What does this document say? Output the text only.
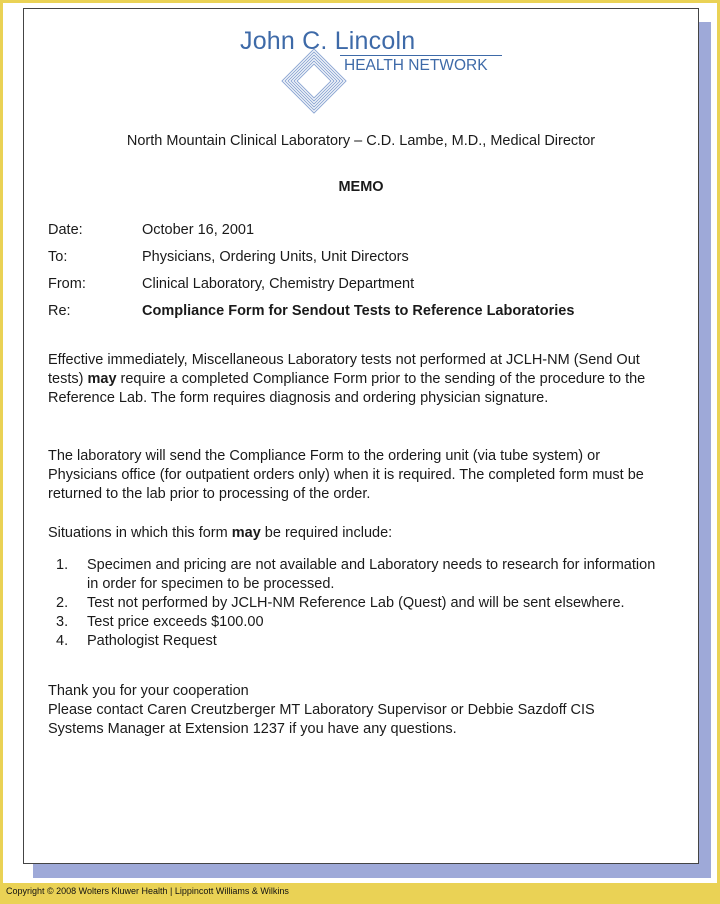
John C. Lincoln
HEALTH NETWORK
North Mountain Clinical Laboratory – C.D. Lambe, M.D., Medical Director
MEMO
Date:	October 16, 2001
To:	Physicians, Ordering Units, Unit Directors
From:	Clinical Laboratory, Chemistry Department
Re:	Compliance Form for Sendout Tests to Reference Laboratories
Effective immediately, Miscellaneous Laboratory tests not performed at JCLH-NM (Send Out tests) may require a completed Compliance Form prior to the sending of the procedure to the Reference Lab. The form requires diagnosis and ordering physician signature.
The laboratory will send the Compliance Form to the ordering unit (via tube system) or Physicians office (for outpatient orders only) when it is required. The completed form must be returned to the lab prior to processing of the order.
Situations in which this form may be required include:
1. Specimen and pricing are not available and Laboratory needs to research for information in order for specimen to be processed.
2. Test not performed by JCLH-NM Reference Lab (Quest) and will be sent elsewhere.
3. Test price exceeds $100.00
4. Pathologist Request
Thank you for your cooperation
Please contact Caren Creutzberger MT Laboratory Supervisor or Debbie Sazdoff CIS Systems Manager at Extension 1237 if you have any questions.
Copyright © 2008 Wolters Kluwer Health | Lippincott Williams & Wilkins
